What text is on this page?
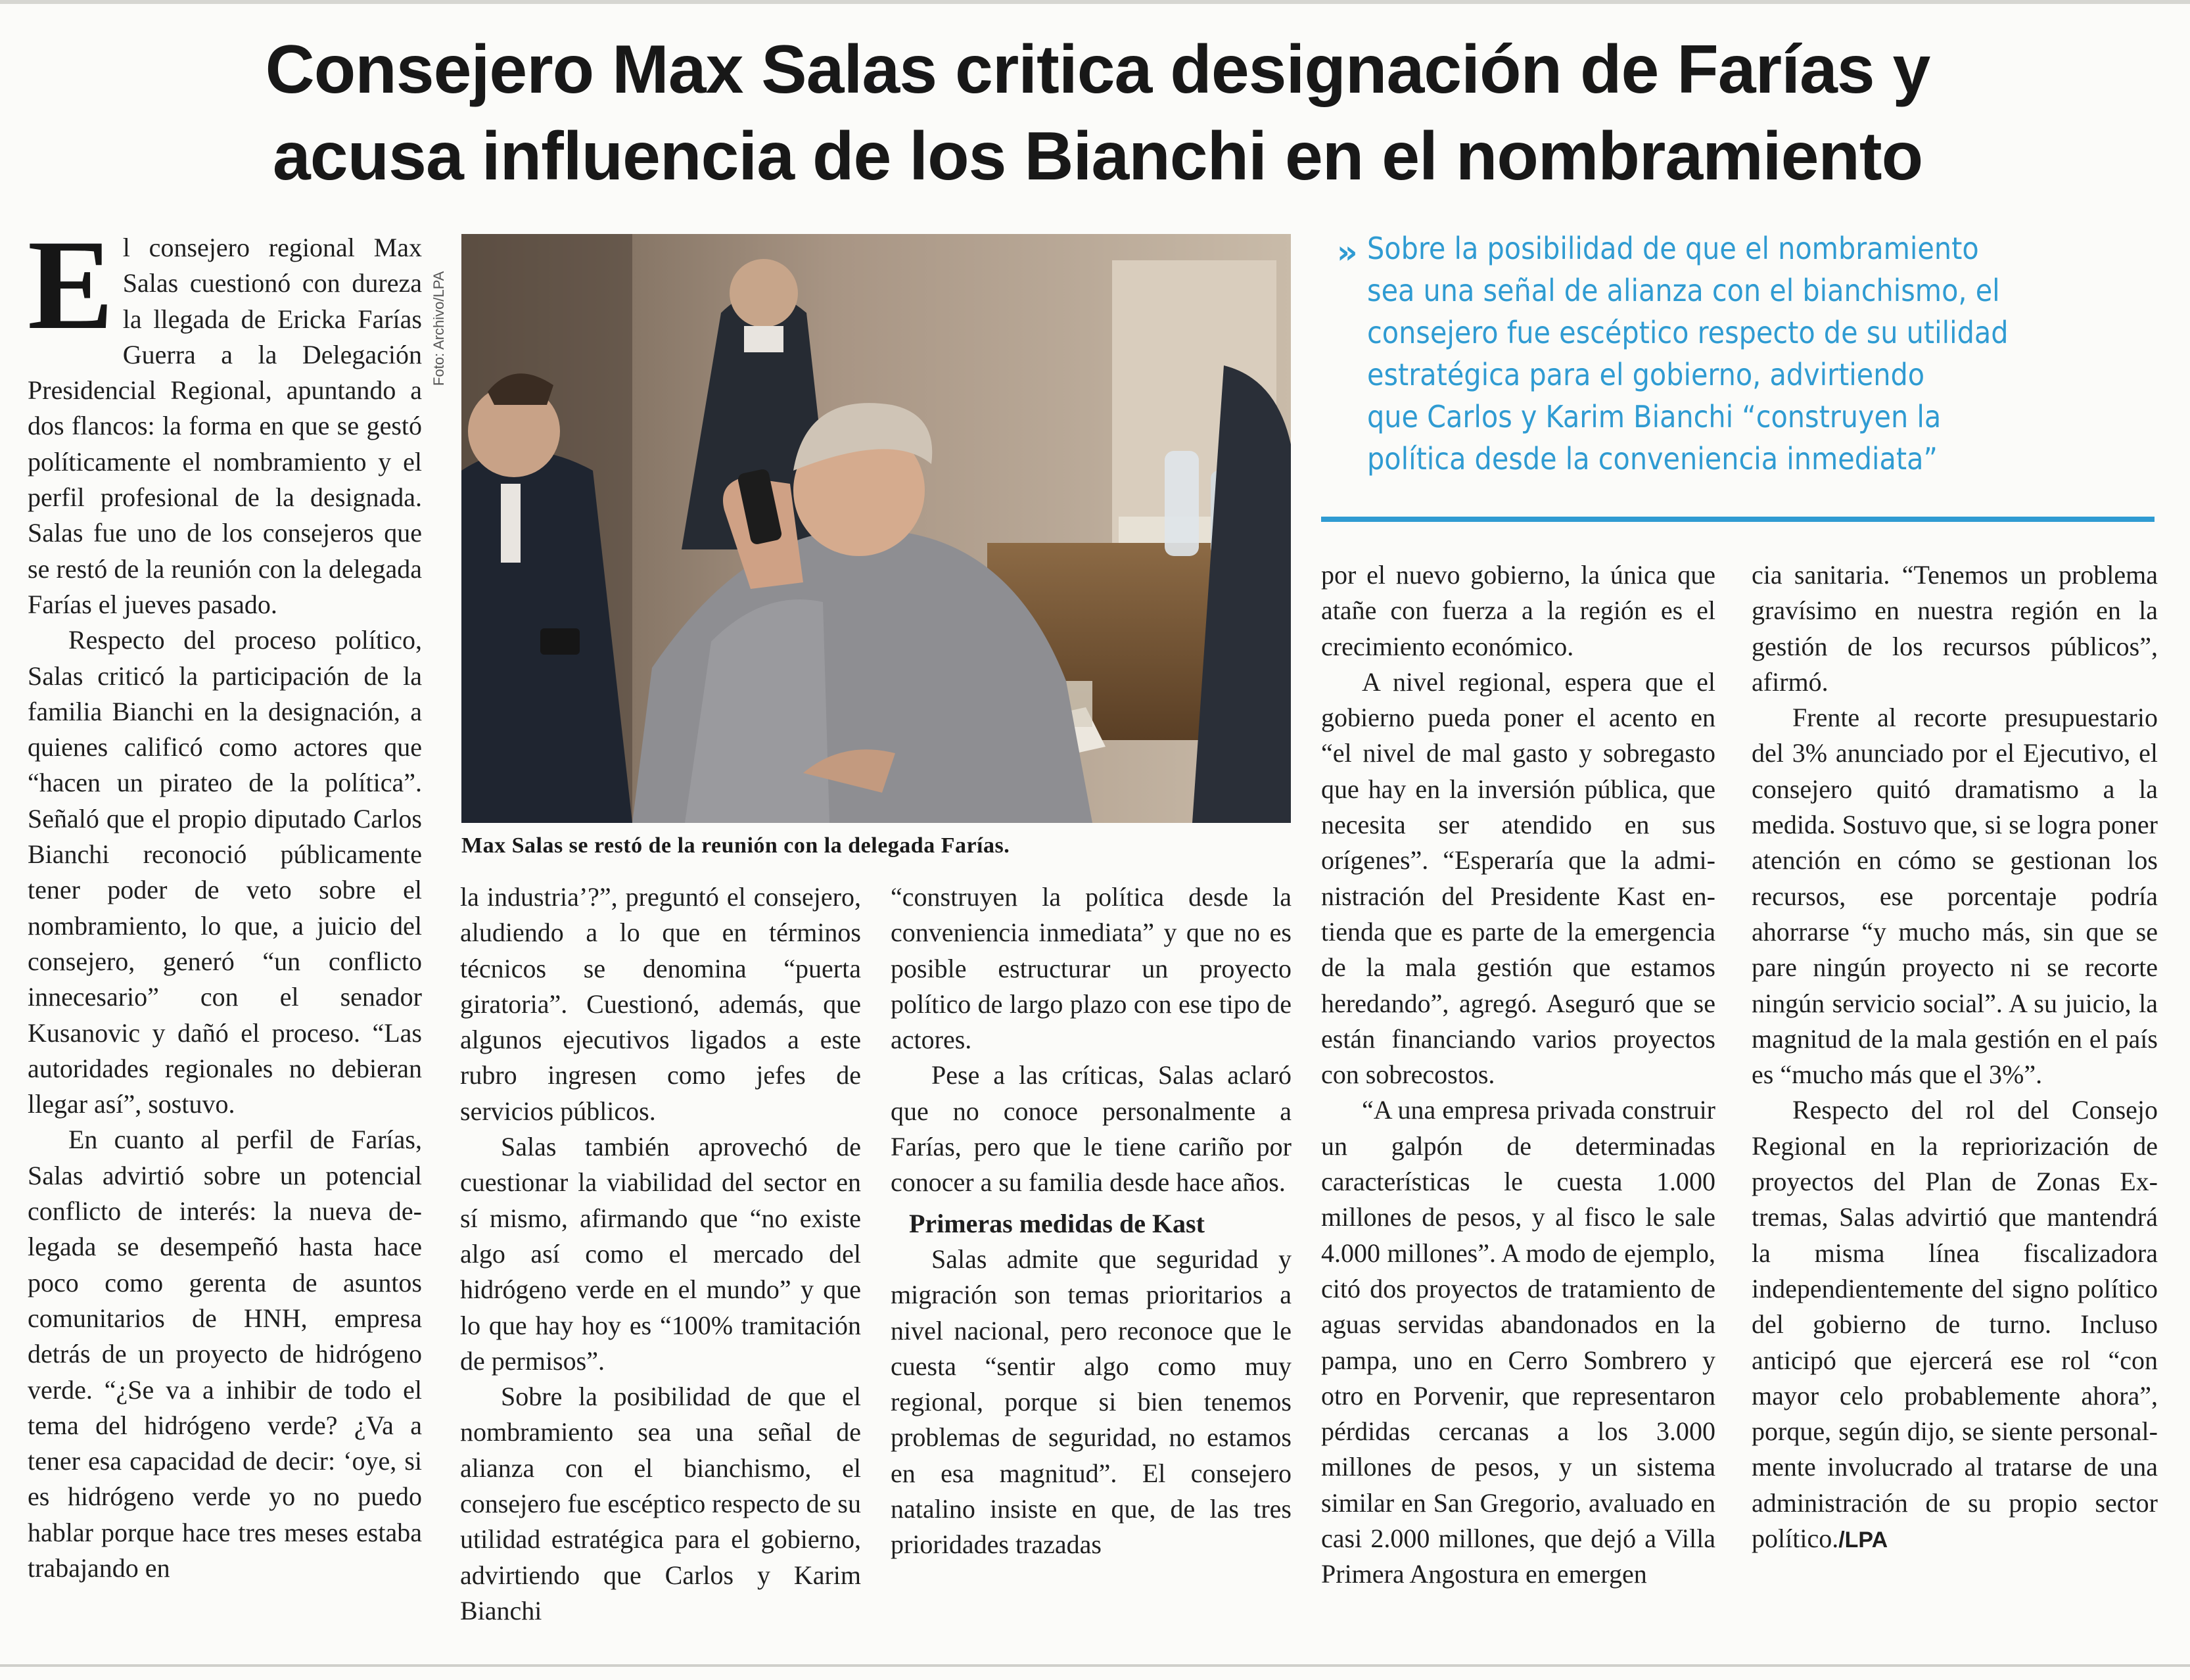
Consejero Max Salas critica designación de Farías y acusa influencia de los Bianchi en el nombramiento
E l consejero regional Max Salas cuestionó con dureza la llegada de Ericka Farías Guerra a la Delegación Presidencial Regional, apuntando a dos flancos: la forma en que se gestó políticamente el nombramiento y el perfil profesional de la designada. Salas fue uno de los consejeros que se restó de la reunión con la delegada Farías el jueves pasado.

Respecto del proceso político, Salas criticó la participación de la familia Bianchi en la designación, a quienes calificó como actores que “hacen un pirateo de la política”. Señaló que el propio diputado Carlos Bianchi reconoció públicamente tener poder de veto sobre el nombramiento, lo que, a juicio del consejero, generó “un conflicto innecesario” con el senador Kusanovic y dañó el proceso. “Las autoridades regionales no debieran llegar así”, sostuvo.

En cuanto al perfil de Farías, Salas advirtió sobre un potencial conflicto de interés: la nueva delegada se desempeñó hasta hace poco como gerenta de asuntos comunitarios de HNH, empresa detrás de un proyecto de hidrógeno verde. “¿Se va a inhibir de todo el tema del hidrógeno verde? ¿Va a tener esa capacidad de decir: ‘oye, si es hidrógeno verde yo no puedo hablar porque hace tres meses estaba trabajando en

Foto: Archivo/LPA

Max Salas se restó de la reunión con la delegada Farías.

›› Sobre la posibilidad de que el nombramiento
sea una señal de alianza con el bianchismo, el
consejero fue escéptico respecto de su utilidad
estratégica para el gobierno, advirtiendo
que Carlos y Karim Bianchi “construyen la
política desde la conveniencia inmediata”

la industria’?”, preguntó el consejero, aludiendo a lo que en términos técnicos se denomina “puerta giratoria”. Cuestionó, además, que algunos ejecutivos ligados a este rubro ingresen como jefes de servicios públicos.

Salas también aprovechó de cuestionar la viabilidad del sector en sí mismo, afirmando que “no existe algo así como el mercado del hidrógeno verde en el mundo” y que lo que hay hoy es “100% tramitación de permisos”.

Sobre la posibilidad de que el nombramiento sea una señal de alianza con el bianchismo, el consejero fue escéptico respecto de su utilidad estratégica para el gobierno, advirtiendo que Carlos y Karim Bianchi

“construyen la política desde la conveniencia inmediata” y que no es posible estructurar un proyecto político de largo plazo con ese tipo de actores.

Pese a las críticas, Salas aclaró que no conoce personalmente a Farías, pero que le tiene cariño por conocer a su familia desde hace años.

Primeras medidas de Kast

Salas admite que seguridad y migración son temas prioritarios a nivel nacional, pero reconoce que le cuesta “sentir algo como muy regional, porque si bien tenemos problemas de seguridad, no estamos en esa magnitud”. El consejero natalino insiste en que, de las tres prioridades trazadas

por el nuevo gobierno, la única que atañe con fuerza a la región es el crecimiento económico.

A nivel regional, espera que el gobierno pueda poner el acento en “el nivel de mal gasto y sobregasto que hay en la inversión pública, que necesita ser atendido en sus orígenes”. “Esperaría que la administración del Presidente Kast entienda que es parte de la emergencia de la mala gestión que estamos heredando”, agregó. Aseguró que se están financiando varios proyectos con sobrecostos.

“A una empresa privada construir un galpón de determinadas características le cuesta 1.000 millones de pesos, y al fisco le sale 4.000 millones”. A modo de ejemplo, citó dos proyectos de tratamiento de aguas servidas abandonados en la pampa, uno en Cerro Sombrero y otro en Porvenir, que representaron pérdidas cercanas a los 3.000 millones de pesos, y un sistema similar en San Gregorio, avaluado en casi 2.000 millones, que dejó a Villa Primera Angostura en emergen

cia sanitaria. “Tenemos un problema gravísimo en nuestra región en la gestión de los recursos públicos”, afirmó.

Frente al recorte presupuestario del 3% anunciado por el Ejecutivo, el consejero quitó dramatismo a la medida. Sostuvo que, si se logra poner atención en cómo se gestionan los recursos, ese porcentaje podría ahorrarse “y mucho más, sin que se pare ningún proyecto ni se recorte ningún servicio social”. A su juicio, la magnitud de la mala gestión en el país es “mucho más que el 3%”.

Respecto del rol del Consejo Regional en la repriorización de proyectos del Plan de Zonas Extremas, Salas advirtió que mantendrá la misma línea fiscalizadora independientemente del signo político del gobierno de turno. Incluso anticipó que ejercerá ese rol “con mayor celo probablemente ahora”, porque, según dijo, se siente personalmente involucrado al tratarse de una administración de su propio sector político./LPA
